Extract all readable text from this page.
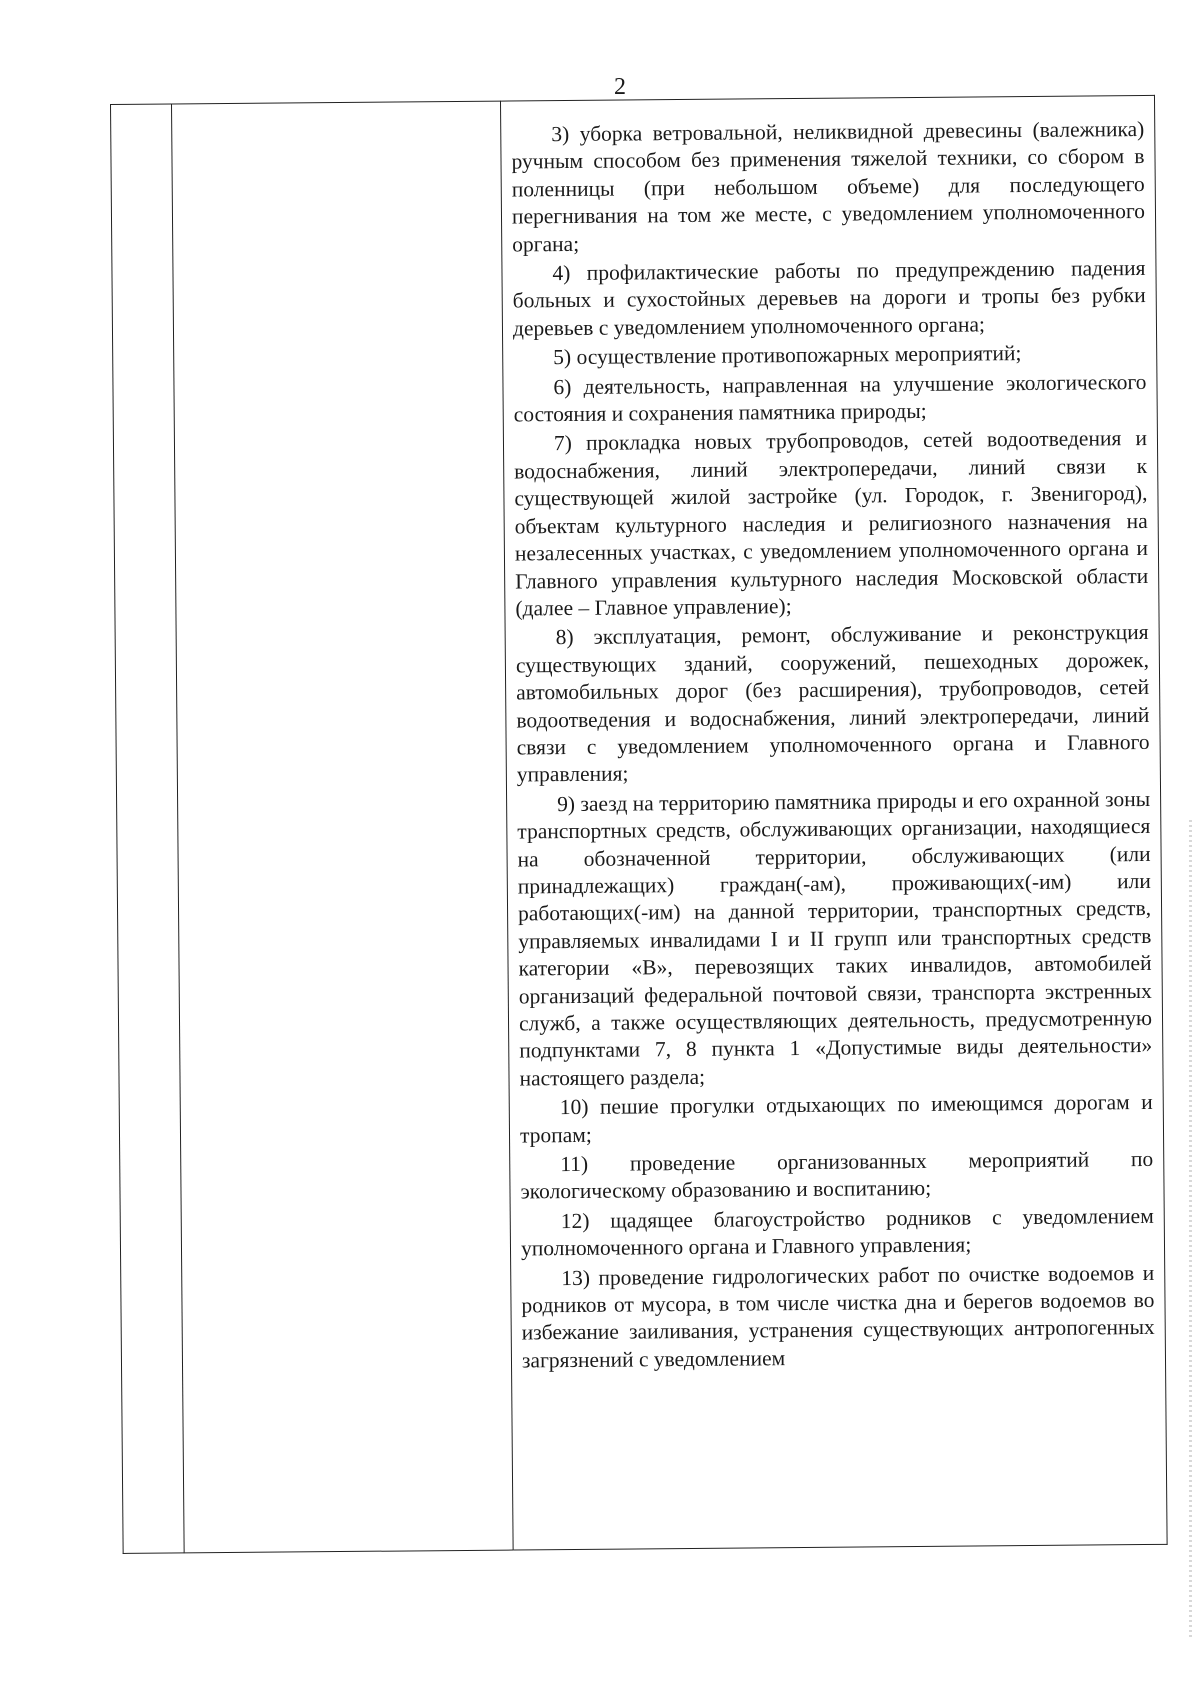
2

3) уборка ветровальной, неликвидной древесины (валежника) ручным способом без применения тяжелой техники, со сбором в поленницы (при небольшом объеме) для последующего перегнивания на том же месте, с уведомлением уполномоченного органа;

4) профилактические работы по предупреждению падения больных и сухостойных деревьев на дороги и тропы без рубки деревьев с уведомлением уполномоченного органа;

5) осуществление противопожарных мероприятий;

6) деятельность, направленная на улучшение экологического состояния и сохранения памятника природы;

7) прокладка новых трубопроводов, сетей водоотведения и водоснабжения, линий электропередачи, линий связи к существующей жилой застройке (ул. Городок, г. Звенигород), объектам культурного наследия и религиозного назначения на незалесенных участках, с уведомлением уполномоченного органа и Главного управления культурного наследия Московской области (далее – Главное управление);

8) эксплуатация, ремонт, обслуживание и реконструкция существующих зданий, сооружений, пешеходных дорожек, автомобильных дорог (без расширения), трубопроводов, сетей водоотведения и водоснабжения, линий электропередачи, линий связи с уведомлением уполномоченного органа и Главного управления;

9) заезд на территорию памятника природы и его охранной зоны транспортных средств, обслуживающих организации, находящиеся на обозначенной территории, обслуживающих (или принадлежащих) граждан(-ам), проживающих(-им) или работающих(-им) на данной территории, транспортных средств, управляемых инвалидами I и II групп или транспортных средств категории «В», перевозящих таких инвалидов, автомобилей организаций федеральной почтовой связи, транспорта экстренных служб, а также осуществляющих деятельность, предусмотренную подпунктами 7, 8 пункта 1 «Допустимые виды деятельности» настоящего раздела;

10) пешие прогулки отдыхающих по имеющимся дорогам и тропам;

11) проведение организованных мероприятий по экологическому образованию и воспитанию;

12) щадящее благоустройство родников с уведомлением уполномоченного органа и Главного управления;

13) проведение гидрологических работ по очистке водоемов и родников от мусора, в том числе чистка дна и берегов водоемов во избежание заиливания, устранения существующих антропогенных загрязнений с уведомлением
